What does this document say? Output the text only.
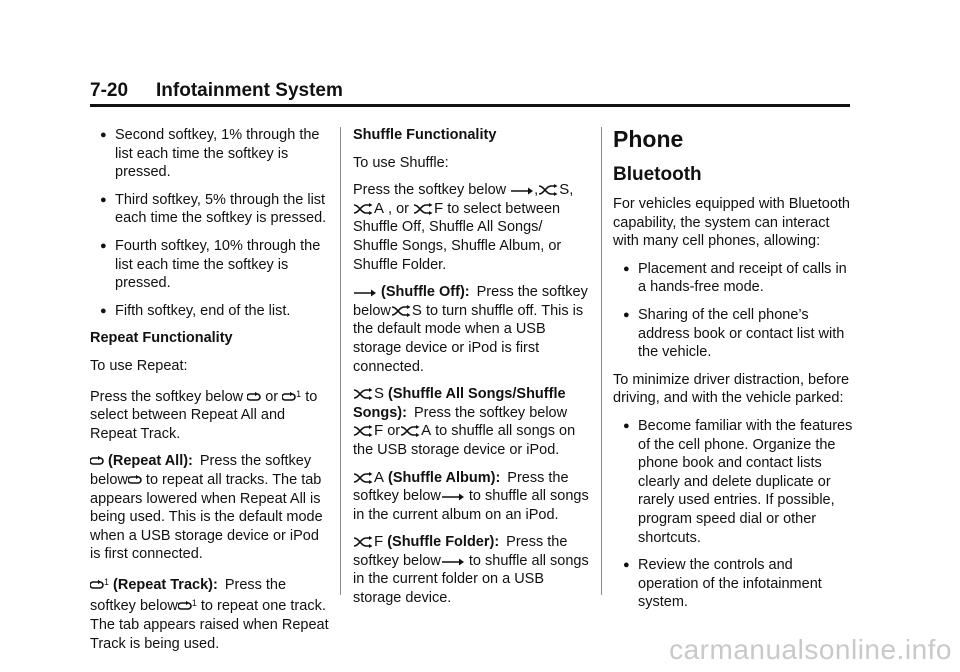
7-20 Infotainment System
● Second softkey, 1% through the list each time the softkey is pressed.
● Third softkey, 5% through the list each time the softkey is pressed.
● Fourth softkey, 10% through the list each time the softkey is pressed.
● Fifth softkey, end of the list.

Repeat Functionality

To use Repeat:

Press the softkey below or $^1$ to select between Repeat All and Repeat Track.

(Repeat All): Press the softkey below to repeat all tracks. The tab appears lowered when Repeat All is being used. This is the default mode when a USB storage device or iPod is first connected.

$^1$ (Repeat Track): Press the softkey below $^1$ to repeat one track. The tab appears raised when Repeat Track is being used.

Shuffle Functionality

To use Shuffle:

Press the softkey below , S,
A , or F to select between Shuffle Off, Shuffle All Songs/ Shuffle Songs, Shuffle Album, or Shuffle Folder.

(Shuffle Off): Press the softkey below S to turn shuffle off. This is the default mode when a USB storage device or iPod is first connected.

S (Shuffle All Songs/Shuffle Songs): Press the softkey below
F or A to shuffle all songs on the USB storage device or iPod.

A (Shuffle Album): Press the softkey below to shuffle all songs in the current album on an iPod.

F (Shuffle Folder): Press the softkey below to shuffle all songs in the current folder on a USB storage device.

Phone
Bluetooth

For vehicles equipped with Bluetooth capability, the system can interact with many cell phones, allowing:

● Placement and receipt of calls in a hands-free mode.
● Sharing of the cell phone’s address book or contact list with the vehicle.

To minimize driver distraction, before driving, and with the vehicle parked:

● Become familiar with the features of the cell phone. Organize the phone book and contact lists clearly and delete duplicate or rarely used entries. If possible, program speed dial or other shortcuts.
● Review the controls and operation of the infotainment system.
carmanualsonline.info
